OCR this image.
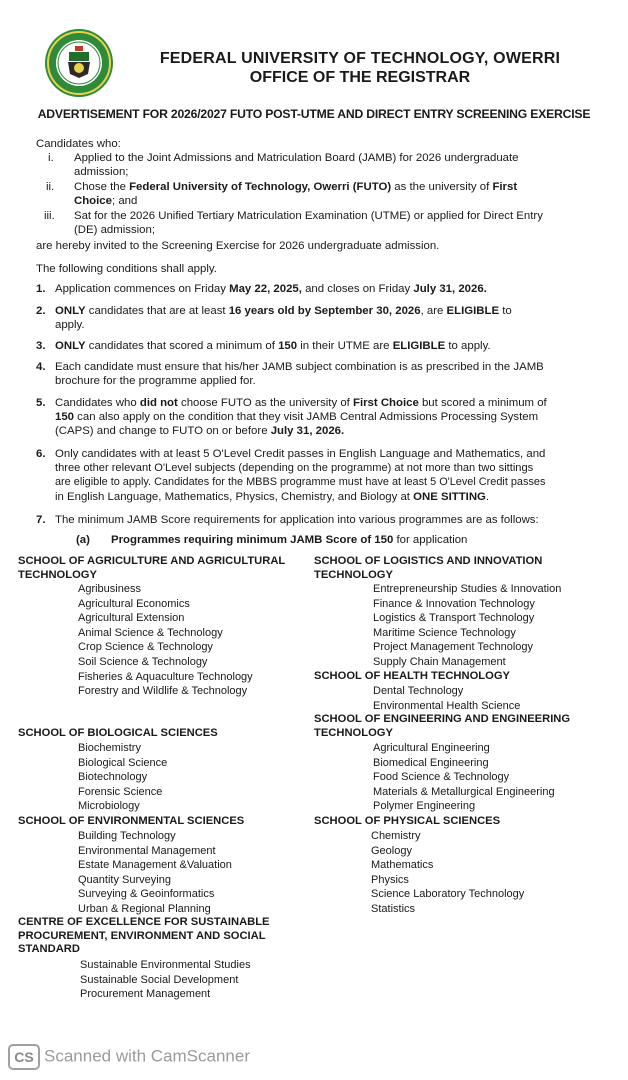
FEDERAL UNIVERSITY OF TECHNOLOGY, OWERRI
OFFICE OF THE REGISTRAR
ADVERTISEMENT FOR 2026/2027 FUTO POST-UTME AND DIRECT ENTRY SCREENING EXERCISE
Candidates who:
i. Applied to the Joint Admissions and Matriculation Board (JAMB) for 2026 undergraduate
admission;
ii. Chose the Federal University of Technology, Owerri (FUTO) as the university of First
Choice; and
iii. Sat for the 2026 Unified Tertiary Matriculation Examination (UTME) or applied for Direct Entry
(DE) admission;
are hereby invited to the Screening Exercise for 2026 undergraduate admission.
The following conditions shall apply.
1. Application commences on Friday May 22, 2025, and closes on Friday July 31, 2026.
2. ONLY candidates that are at least 16 years old by September 30, 2026, are ELIGIBLE to
apply.
3. ONLY candidates that scored a minimum of 150 in their UTME are ELIGIBLE to apply.
4. Each candidate must ensure that his/her JAMB subject combination is as prescribed in the JAMB
brochure for the programme applied for.
5. Candidates who did not choose FUTO as the university of First Choice but scored a minimum of
150 can also apply on the condition that they visit JAMB Central Admissions Processing System
(CAPS) and change to FUTO on or before July 31, 2026.
6. Only candidates with at least 5 O'Level Credit passes in English Language and Mathematics, and
three other relevant O'Level subjects (depending on the programme) at not more than two sittings
are eligible to apply. Candidates for the MBBS programme must have at least 5 O'Level Credit passes
in English Language, Mathematics, Physics, Chemistry, and Biology at ONE SITTING.
7. The minimum JAMB Score requirements for application into various programmes are as follows:
(a) Programmes requiring minimum JAMB Score of 150 for application
SCHOOL OF AGRICULTURE AND AGRICULTURAL
TECHNOLOGY
Agribusiness
Agricultural Economics
Agricultural Extension
Animal Science & Technology
Crop Science & Technology
Soil Science & Technology
Fisheries & Aquaculture Technology
Forestry and Wildlife & Technology
SCHOOL OF BIOLOGICAL SCIENCES
Biochemistry
Biological Science
Biotechnology
Forensic Science
Microbiology
SCHOOL OF ENVIRONMENTAL SCIENCES
Building Technology
Environmental Management
Estate Management &Valuation
Quantity Surveying
Surveying & Geoinformatics
Urban & Regional Planning
CENTRE OF EXCELLENCE FOR SUSTAINABLE
PROCUREMENT, ENVIRONMENT AND SOCIAL
STANDARD
Sustainable Environmental Studies
Sustainable Social Development
Procurement Management
SCHOOL OF LOGISTICS AND INNOVATION
TECHNOLOGY
Entrepreneurship Studies & Innovation
Finance & Innovation Technology
Logistics & Transport Technology
Maritime Science Technology
Project Management Technology
Supply Chain Management
SCHOOL OF HEALTH TECHNOLOGY
Dental Technology
Environmental Health Science
SCHOOL OF ENGINEERING AND ENGINEERING
TECHNOLOGY
Agricultural Engineering
Biomedical Engineering
Food Science & Technology
Materials & Metallurgical Engineering
Polymer Engineering
SCHOOL OF PHYSICAL SCIENCES
Chemistry
Geology
Mathematics
Physics
Science Laboratory Technology
Statistics
CS Scanned with CamScanner
